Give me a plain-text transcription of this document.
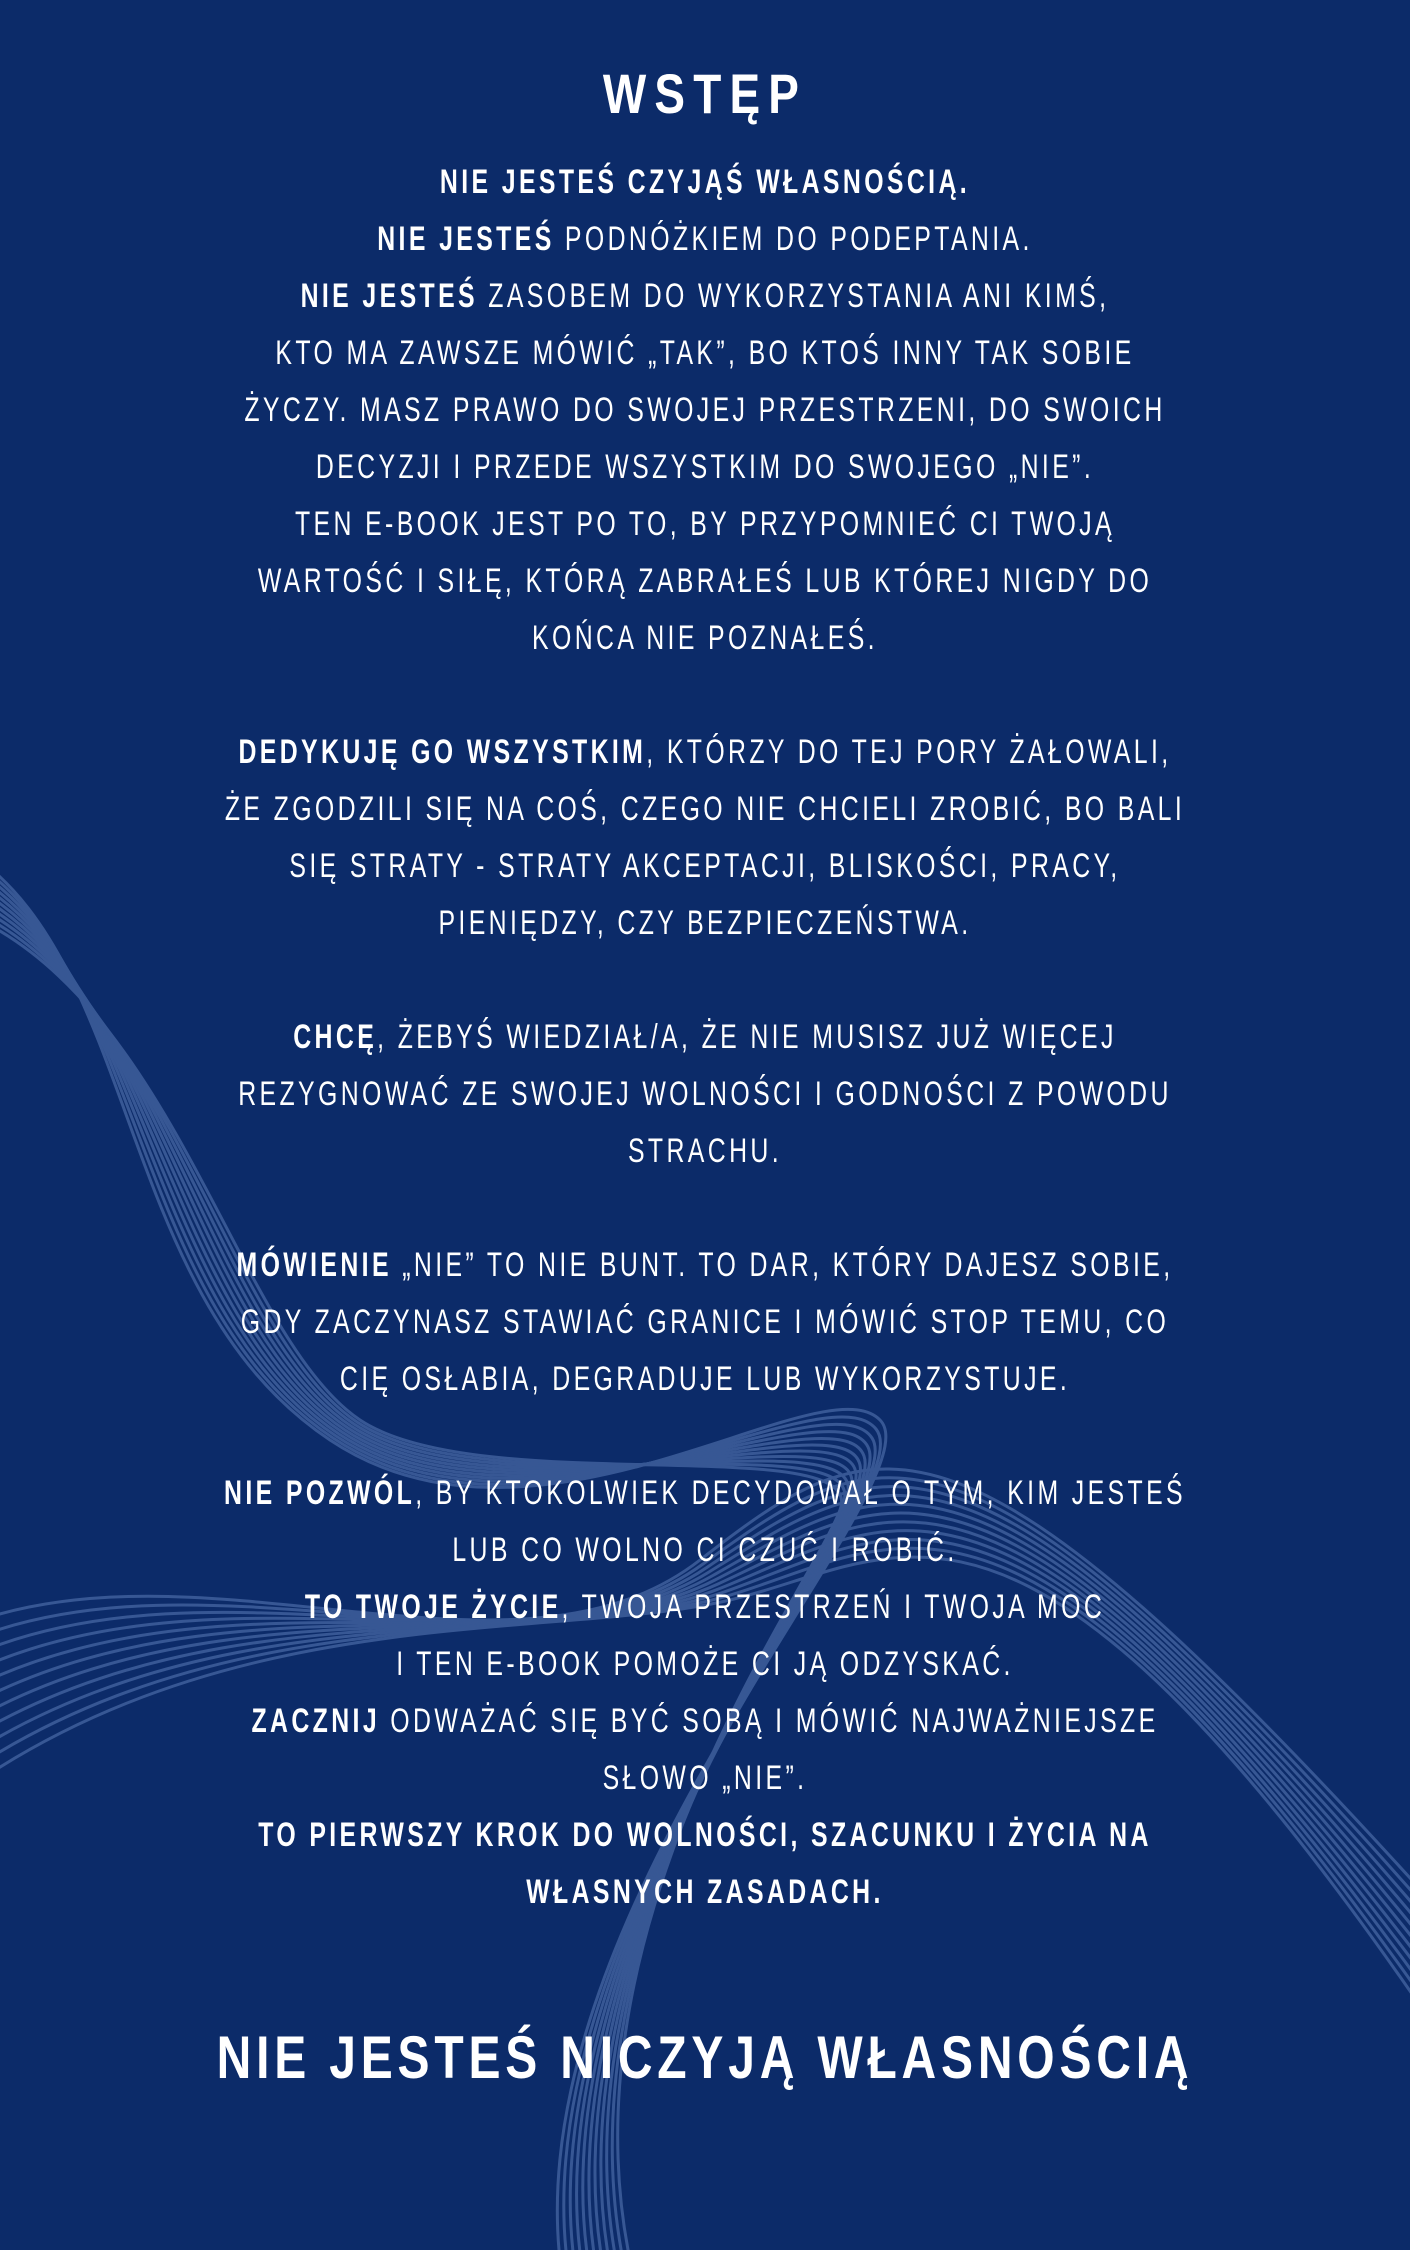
WSTĘP
NIE JESTEŚ CZYJĄŚ WŁASNOŚCIĄ.
NIE JESTEŚ PODNÓŻKIEM DO PODEPTANIA.
NIE JESTEŚ ZASOBEM DO WYKORZYSTANIA ANI KIMŚ,
KTO MA ZAWSZE MÓWIĆ „TAK”, BO KTOŚ INNY TAK SOBIE
ŻYCZY. MASZ PRAWO DO SWOJEJ PRZESTRZENI, DO SWOICH
DECYZJI I PRZEDE WSZYSTKIM DO SWOJEGO „NIE”.
TEN E-BOOK JEST PO TO, BY PRZYPOMNIEĆ CI TWOJĄ
WARTOŚĆ I SIŁĘ, KTÓRĄ ZABRAŁEŚ LUB KTÓREJ NIGDY DO
KOŃCA NIE POZNAŁEŚ.
DEDYKUJĘ GO WSZYSTKIM, KTÓRZY DO TEJ PORY ŻAŁOWALI,
ŻE ZGODZILI SIĘ NA COŚ, CZEGO NIE CHCIELI ZROBIĆ, BO BALI
SIĘ STRATY - STRATY AKCEPTACJI, BLISKOŚCI, PRACY,
PIENIĘDZY, CZY BEZPIECZEŃSTWA.
CHCĘ, ŻEBYŚ WIEDZIAŁ/A, ŻE NIE MUSISZ JUŻ WIĘCEJ
REZYGNOWAĆ ZE SWOJEJ WOLNOŚCI I GODNOŚCI Z POWODU
STRACHU.
MÓWIENIE „NIE” TO NIE BUNT. TO DAR, KTÓRY DAJESZ SOBIE,
GDY ZACZYNASZ STAWIAĆ GRANICE I MÓWIĆ STOP TEMU, CO
CIĘ OSŁABIA, DEGRADUJE LUB WYKORZYSTUJE.
NIE POZWÓL, BY KTOKOLWIEK DECYDOWAŁ O TYM, KIM JESTEŚ
LUB CO WOLNO CI CZUĆ I ROBIĆ.
TO TWOJE ŻYCIE, TWOJA PRZESTRZEŃ I TWOJA MOC
I TEN E-BOOK POMOŻE CI JĄ ODZYSKAĆ.
ZACZNIJ ODWAŻAĆ SIĘ BYĆ SOBĄ I MÓWIĆ NAJWAŻNIEJSZE
SŁOWO „NIE”.
TO PIERWSZY KROK DO WOLNOŚCI, SZACUNKU I ŻYCIA NA
WŁASNYCH ZASADACH.
NIE JESTEŚ NICZYJĄ WŁASNOŚCIĄ
